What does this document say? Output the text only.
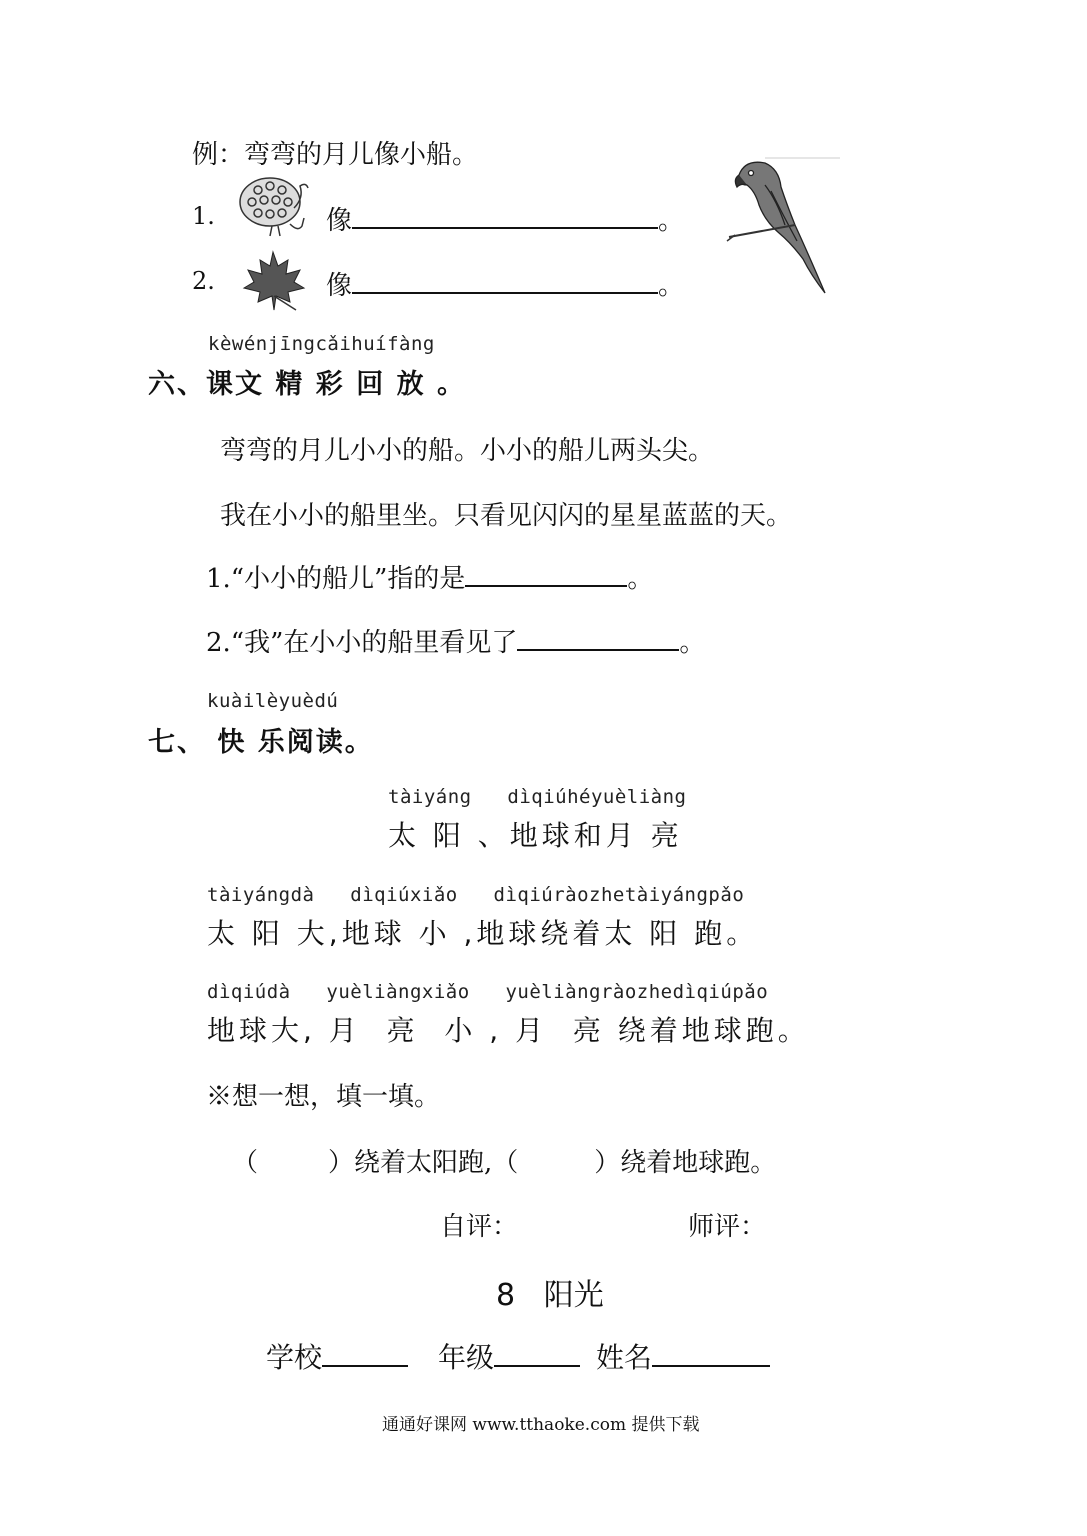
例：弯弯的月儿像小船。
1.	像	。
2.	像	。
kèwénjīngcǎihuífàng
六、课文 精 彩 回 放 。
弯弯的月儿小小的船。小小的船儿两头尖。
我在小小的船里坐。只看见闪闪的星星蓝蓝的天。
1.“小小的船儿”指的是	。
2.“我”在小小的船里看见了	。
kuàilèyuèdú
七、 快 乐阅读。
tàiyáng   dìqiúhéyuèliàng
太 阳 、地球和月 亮
tàiyángdà   dìqiúxiǎo   dìqiúràozhetàiyángpǎo
太 阳 大,地球 小 ,地球绕着太 阳 跑。
dìqiúdà   yuèliàngxiǎo   yuèliàngràozhedìqiúpǎo
地球大, 月  亮  小 , 月  亮 绕着地球跑。
※想一想，填一填。
（	）绕着太阳跑,（	）绕着地球跑。
自评：	师评：
8   阳光
学校	年级	姓名
通通好课网 www.tthaoke.com 提供下载
